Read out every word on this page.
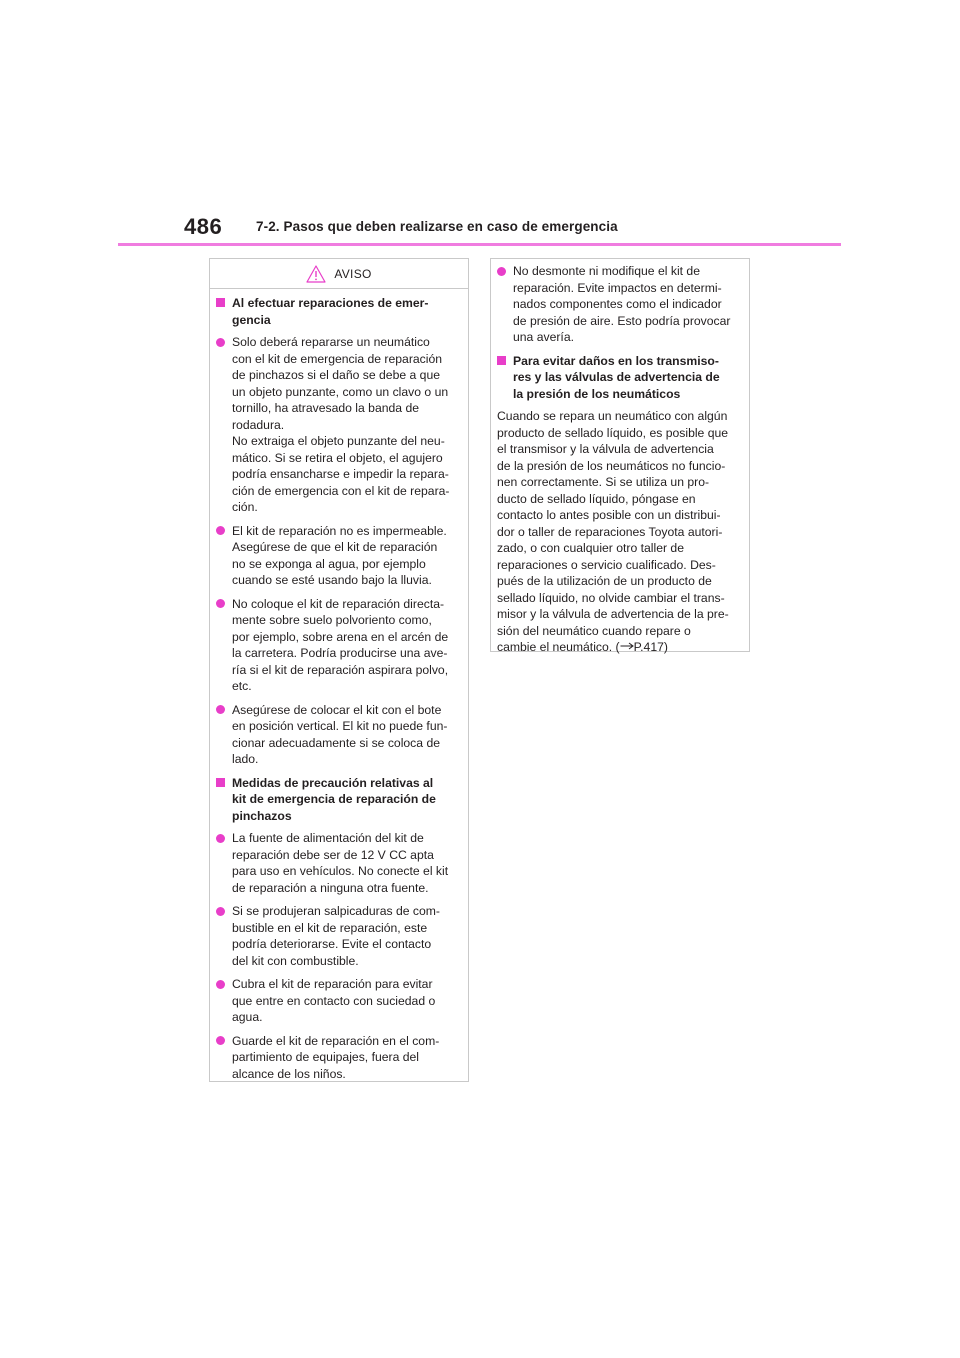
486	7-2. Pasos que deben realizarse en caso de emergencia
AVISO
Al efectuar reparaciones de emer-
gencia
Solo deberá repararse un neumático
con el kit de emergencia de reparación
de pinchazos si el daño se debe a que
un objeto punzante, como un clavo o un
tornillo, ha atravesado la banda de
rodadura.
No extraiga el objeto punzante del neu-
mático. Si se retira el objeto, el agujero
podría ensancharse e impedir la repara-
ción de emergencia con el kit de repara-
ción.
El kit de reparación no es impermeable.
Asegúrese de que el kit de reparación
no se exponga al agua, por ejemplo
cuando se esté usando bajo la lluvia.
No coloque el kit de reparación directa-
mente sobre suelo polvoriento como,
por ejemplo, sobre arena en el arcén de
la carretera. Podría producirse una ave-
ría si el kit de reparación aspirara polvo,
etc.
Asegúrese de colocar el kit con el bote
en posición vertical. El kit no puede fun-
cionar adecuadamente si se coloca de
lado.
Medidas de precaución relativas al
kit de emergencia de reparación de
pinchazos
La fuente de alimentación del kit de
reparación debe ser de 12 V CC apta
para uso en vehículos. No conecte el kit
de reparación a ninguna otra fuente.
Si se produjeran salpicaduras de com-
bustible en el kit de reparación, este
podría deteriorarse. Evite el contacto
del kit con combustible.
Cubra el kit de reparación para evitar
que entre en contacto con suciedad o
agua.
Guarde el kit de reparación en el com-
partimiento de equipajes, fuera del
alcance de los niños.
No desmonte ni modifique el kit de
reparación. Evite impactos en determi-
nados componentes como el indicador
de presión de aire. Esto podría provocar
una avería.
Para evitar daños en los transmiso-
res y las válvulas de advertencia de
la presión de los neumáticos
Cuando se repara un neumático con algún
producto de sellado líquido, es posible que
el transmisor y la válvula de advertencia
de la presión de los neumáticos no funcio-
nen correctamente. Si se utiliza un pro-
ducto de sellado líquido, póngase en
contacto lo antes posible con un distribui-
dor o taller de reparaciones Toyota autori-
zado, o con cualquier otro taller de
reparaciones o servicio cualificado. Des-
pués de la utilización de un producto de
sellado líquido, no olvide cambiar el trans-
misor y la válvula de advertencia de la pre-
sión del neumático cuando repare o
cambie el neumático. ( P.417)
